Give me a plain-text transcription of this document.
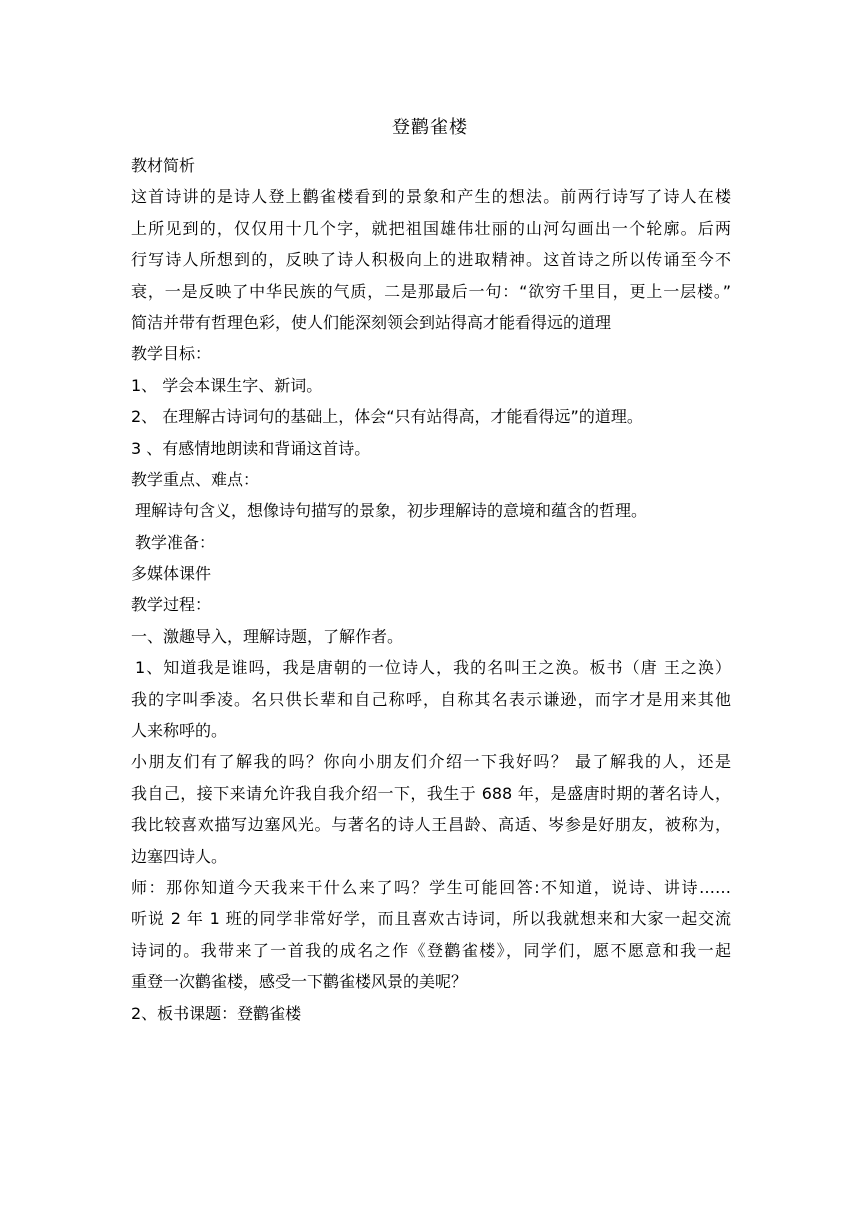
登鹳雀楼
教材简析
这首诗讲的是诗人登上鹳雀楼看到的景象和产生的想法。前两行诗写了诗人在楼
上所见到的，仅仅用十几个字，就把祖国雄伟壮丽的山河勾画出一个轮廓。后两
行写诗人所想到的，反映了诗人积极向上的进取精神。这首诗之所以传诵至今不
衰，一是反映了中华民族的气质，二是那最后一句：“欲穷千里目，更上一层楼。”
简洁并带有哲理色彩，使人们能深刻领会到站得高才能看得远的道理
教学目标：
1、 学会本课生字、新词。
2、 在理解古诗词句的基础上，体会“只有站得高，才能看得远”的道理。
3 、有感情地朗读和背诵这首诗。
教学重点、难点：
理解诗句含义，想像诗句描写的景象，初步理解诗的意境和蕴含的哲理。
教学准备：
多媒体课件
教学过程：
一、激趣导入，理解诗题，了解作者。
1、知道我是谁吗，我是唐朝的一位诗人，我的名叫王之涣。板书（唐 王之涣）
我的字叫季凌。名只供长辈和自己称呼，自称其名表示谦逊，而字才是用来其他
人来称呼的。
小朋友们有了解我的吗？你向小朋友们介绍一下我好吗？ 最了解我的人，还是
我自己，接下来请允许我自我介绍一下，我生于 688 年，是盛唐时期的著名诗人，
我比较喜欢描写边塞风光。与著名的诗人王昌龄、高适、岑参是好朋友，被称为，
边塞四诗人。
师：那你知道今天我来干什么来了吗？学生可能回答:不知道，说诗、讲诗……
听说 2 年 1 班的同学非常好学，而且喜欢古诗词，所以我就想来和大家一起交流
诗词的。我带来了一首我的成名之作《登鹳雀楼》，同学们，愿不愿意和我一起
重登一次鹳雀楼，感受一下鹳雀楼风景的美呢？
2、板书课题：登鹳雀楼
